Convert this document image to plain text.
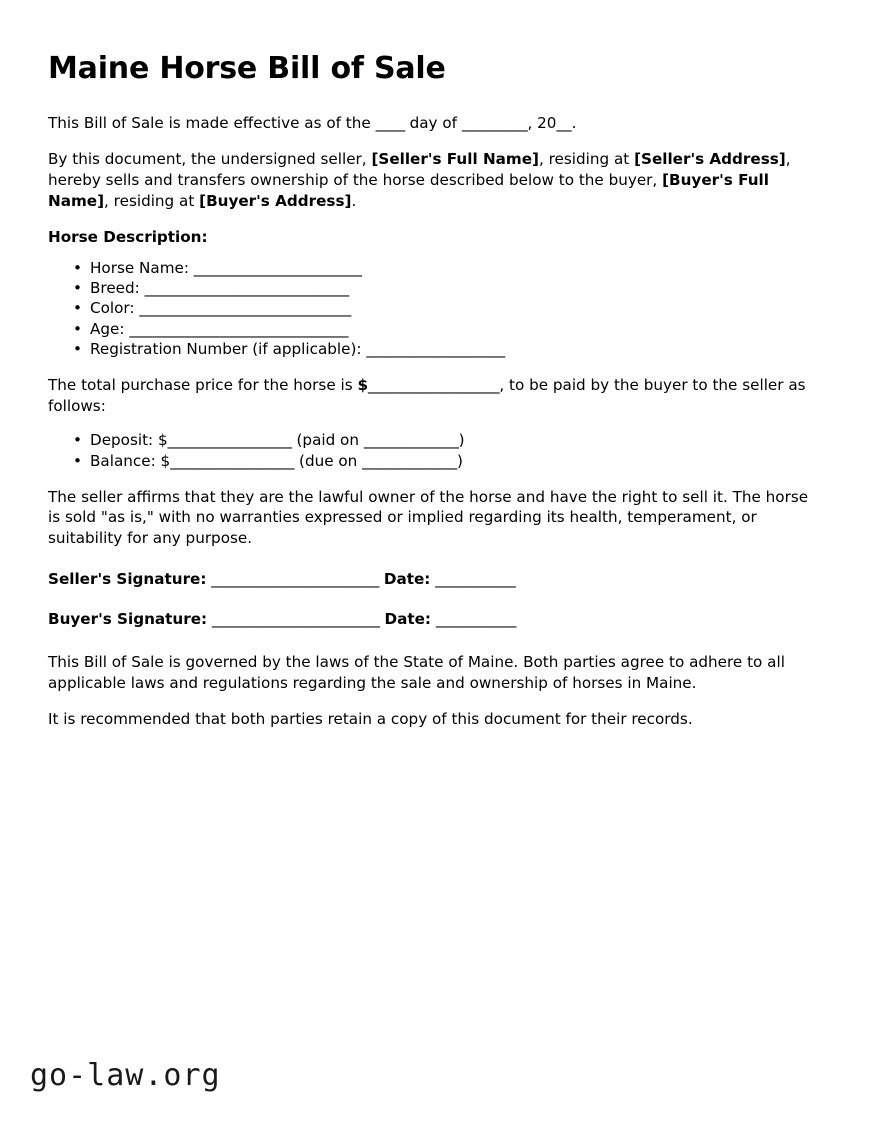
Maine Horse Bill of Sale

This Bill of Sale is made effective as of the ____ day of _________, 20__.

By this document, the undersigned seller, [Seller's Full Name], residing at [Seller's Address], hereby sells and transfers ownership of the horse described below to the buyer, [Buyer's Full Name], residing at [Buyer's Address].

Horse Description:
• Horse Name: _______________________
• Breed: ____________________________
• Color: _____________________________
• Age: ______________________________
• Registration Number (if applicable): ___________________

The total purchase price for the horse is $__________________, to be paid by the buyer to the seller as follows:

• Deposit: $_________________ (paid on _____________)
• Balance: $_________________ (due on _____________)

The seller affirms that they are the lawful owner of the horse and have the right to sell it. The horse is sold "as is," with no warranties expressed or implied regarding its health, temperament, or suitability for any purpose.

Seller's Signature: _______________________ Date: ___________
Buyer's Signature: _______________________ Date: ___________

This Bill of Sale is governed by the laws of the State of Maine. Both parties agree to adhere to all applicable laws and regulations regarding the sale and ownership of horses in Maine.

It is recommended that both parties retain a copy of this document for their records.

go-law.org
